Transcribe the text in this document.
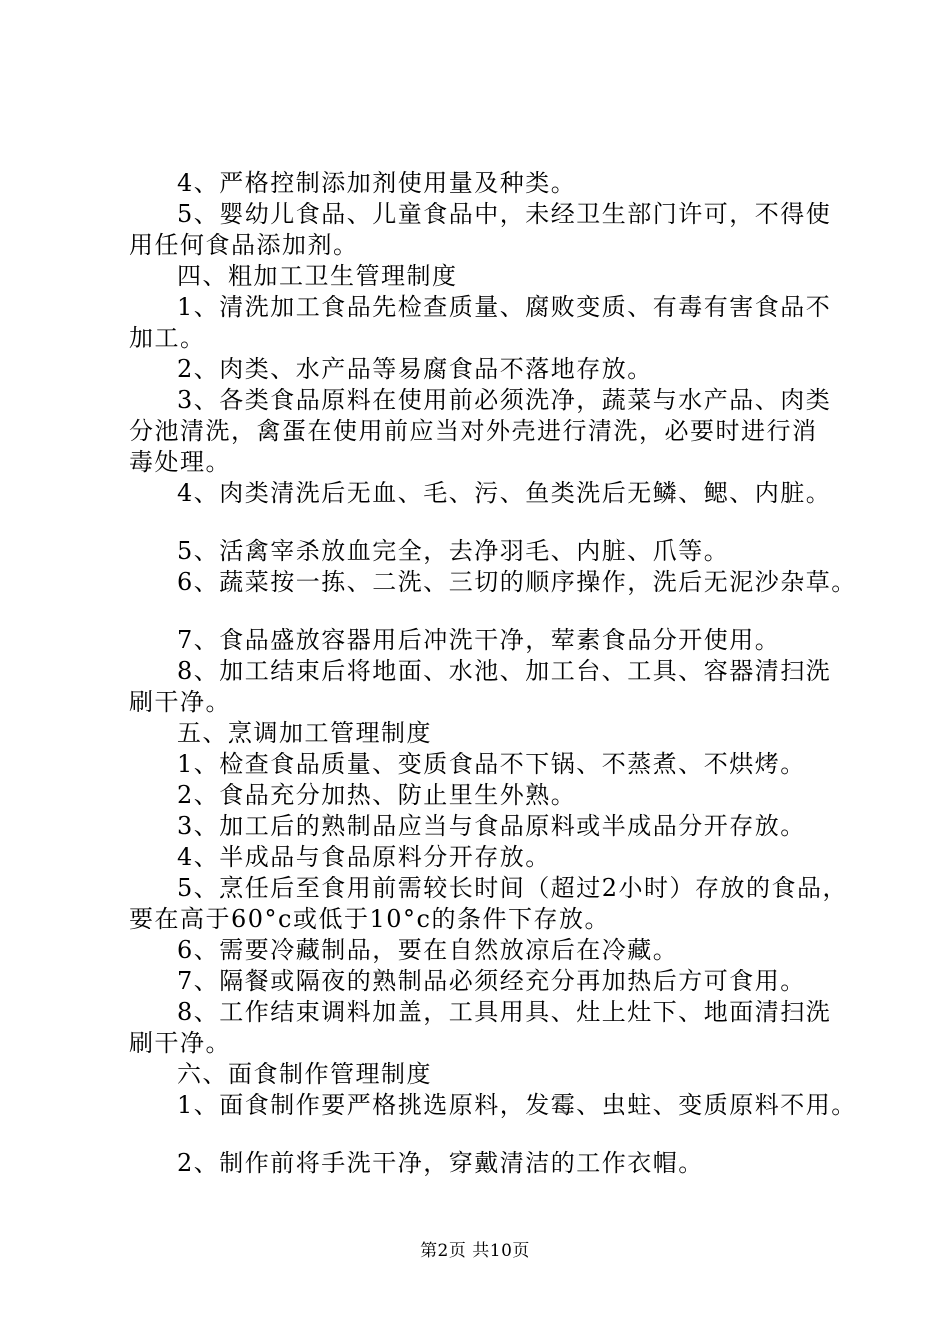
4、严格控制添加剂使用量及种类。
5、婴幼儿食品、儿童食品中，未经卫生部门许可，不得使
用任何食品添加剂。
四、粗加工卫生管理制度
1、清洗加工食品先检查质量、腐败变质、有毒有害食品不
加工。
2、肉类、水产品等易腐食品不落地存放。
3、各类食品原料在使用前必须洗净，蔬菜与水产品、肉类
分池清洗，禽蛋在使用前应当对外壳进行清洗，必要时进行消
毒处理。
4、肉类清洗后无血、毛、污、鱼类洗后无鳞、鳃、内脏。
5、活禽宰杀放血完全，去净羽毛、内脏、爪等。
6、蔬菜按一拣、二洗、三切的顺序操作，洗后无泥沙杂草。
7、食品盛放容器用后冲洗干净，荤素食品分开使用。
8、加工结束后将地面、水池、加工台、工具、容器清扫洗
刷干净。
五、烹调加工管理制度
1、检查食品质量、变质食品不下锅、不蒸煮、不烘烤。
2、食品充分加热、防止里生外熟。
3、加工后的熟制品应当与食品原料或半成品分开存放。
4、半成品与食品原料分开存放。
5、烹任后至食用前需较长时间（超过2小时）存放的食品，
要在高于60°c或低于10°c的条件下存放。
6、需要冷藏制品，要在自然放凉后在冷藏。
7、隔餐或隔夜的熟制品必须经充分再加热后方可食用。
8、工作结束调料加盖，工具用具、灶上灶下、地面清扫洗
刷干净。
六、面食制作管理制度
1、面食制作要严格挑选原料，发霉、虫蛀、变质原料不用。
2、制作前将手洗干净，穿戴清洁的工作衣帽。
第2页 共10页
